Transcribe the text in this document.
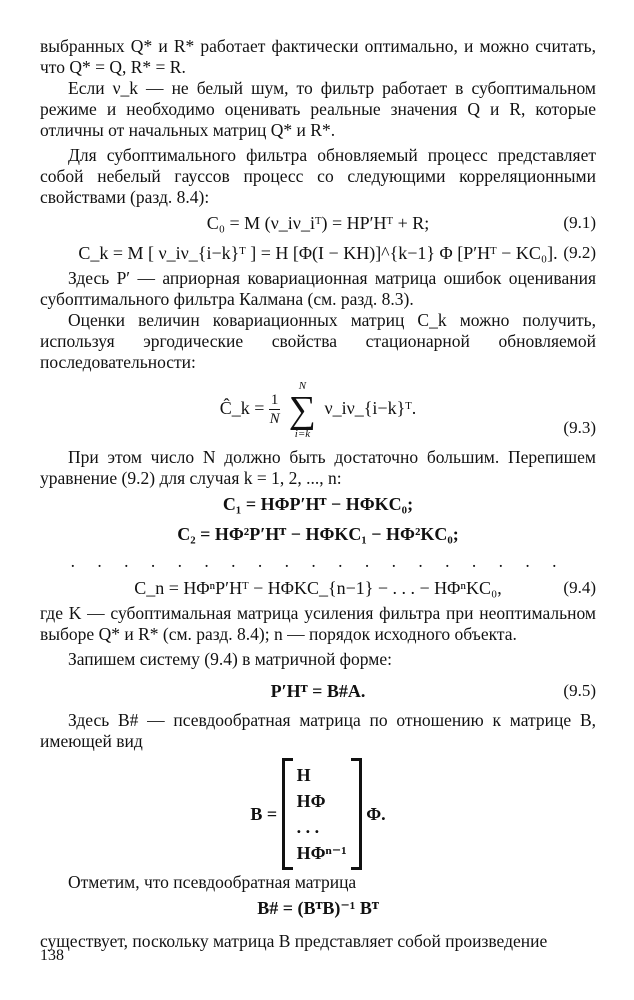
выбранных Q* и R* работает фактически оптимально, и можно считать, что Q* = Q, R* = R.

Если ν_k — не белый шум, то фильтр работает в субоптимальном режиме и необходимо оценивать реальные значения Q и R, которые отличны от начальных матриц Q* и R*.

Для субоптимального фильтра обновляемый процесс представляет собой небелый гауссов процесс со следующими корреляционными свойствами (разд. 8.4):

C₀ = M (ν_iν_iᵀ) = HP′Hᵀ + R;	(9.1)
C_k = M [ ν_iν_{i−k}ᵀ ] = H [Φ(I − KH)]^{k−1} Φ [P′Hᵀ − KC₀]. (9.2)

Здесь P′ — априорная ковариационная матрица ошибок оценивания субоптимального фильтра Калмана (см. разд. 8.3).

Оценки величин ковариационных матриц C_k можно получить, используя эргодические свойства стационарной обновляемой последовательности:

Ĉ_k = $\frac{1}{N}$

N
∑
i=k
ν_iν_{i−k}ᵀ.
(9.3)

При этом число N должно быть достаточно большим. Перепишем уравнение (9.2) для случая k = 1, 2, ..., n:

C₁ = HΦP′Hᵀ − HΦKC₀;
C₂ = HΦ²P′Hᵀ − HΦKC₁ − HΦ²KC₀;
. . . . . . . . . . . . . . . . . . .
C_n = HΦⁿP′Hᵀ − HΦKC_{n−1} − . . . − HΦⁿKC₀,	(9.4)

где K — субоптимальная матрица усиления фильтра при неоптимальном выборе Q* и R* (см. разд. 8.4); n — порядок исходного объекта.

Запишем систему (9.4) в матричной форме:

P′Hᵀ = B#A.	(9.5)

Здесь B# — псевдообратная матрица по отношению к матрице B, имеющей вид

B =
H
HΦ
. . .
HΦⁿ⁻¹
Φ.

Отметим, что псевдообратная матрица

B# = (BᵀB)⁻¹ Bᵀ

существует, поскольку матрица B представляет собой произведение

138
